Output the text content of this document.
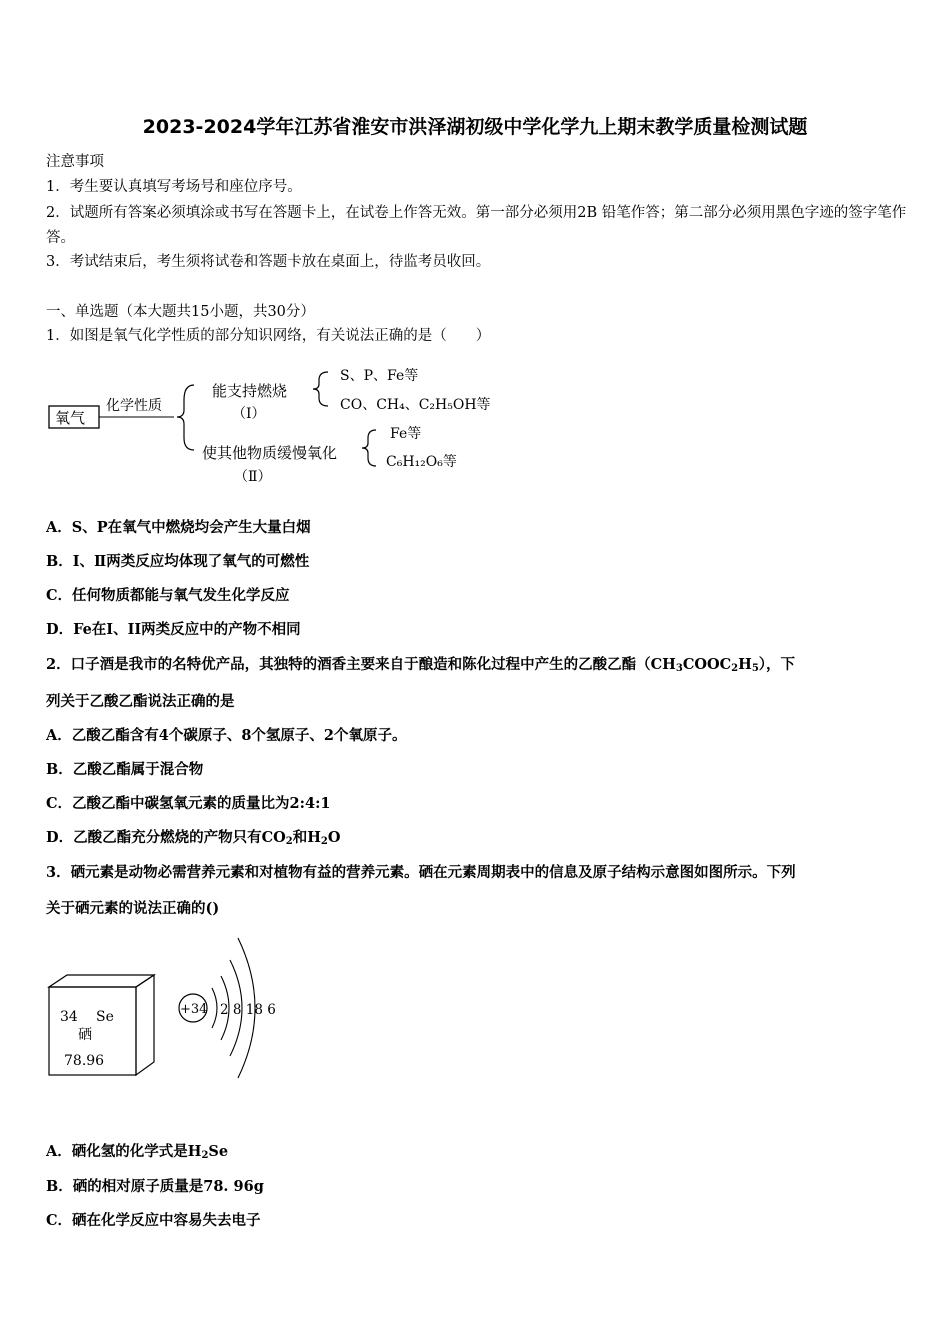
2023-2024学年江苏省淮安市洪泽湖初级中学化学九上期末教学质量检测试题
注意事项
1．考生要认真填写考场号和座位序号。
2．试题所有答案必须填涂或书写在答题卡上，在试卷上作答无效。第一部分必须用2B 铅笔作答；第二部分必须用黑色字迹的签字笔作答。
3．考试结束后，考生须将试卷和答题卡放在桌面上，待监考员收回。
一、单选题（本大题共15小题，共30分）
1．如图是氧气化学性质的部分知识网络，有关说法正确的是（　　）
氧气
化学性质
能支持燃烧
（Ⅰ）
S、P、Fe等
CO、CH₄、C₂H₅OH等
使其他物质缓慢氧化
（Ⅱ）
Fe等
C₆H₁₂O₆等
A．S、P在氧气中燃烧均会产生大量白烟
B．I、Ⅱ两类反应均体现了氧气的可燃性
C．任何物质都能与氧气发生化学反应
D．Fe在I、II两类反应中的产物不相同
2．口子酒是我市的名特优产品，其独特的酒香主要来自于酿造和陈化过程中产生的乙酸乙酯$(CH_3COOC_2H_5)$，下
列关于乙酸乙酯说法正确的是
A．乙酸乙酯含有4个碳原子、8个氢原子、2个氧原子。
B．乙酸乙酯属于混合物
C．乙酸乙酯中碳氢氧元素的质量比为2:4:1
D．乙酸乙酯充分燃烧的产物只有$CO_2$和$H_2O$
3．硒元素是动物必需营养元素和对植物有益的营养元素。硒在元素周期表中的信息及原子结构示意图如图所示。下列
关于硒元素的说法正确的()
34 Se
硒
78.96
+34 2 8 18 6
A．硒化氢的化学式是$H_2Se$
B．硒的相对原子质量是78. 96g
C．硒在化学反应中容易失去电子
